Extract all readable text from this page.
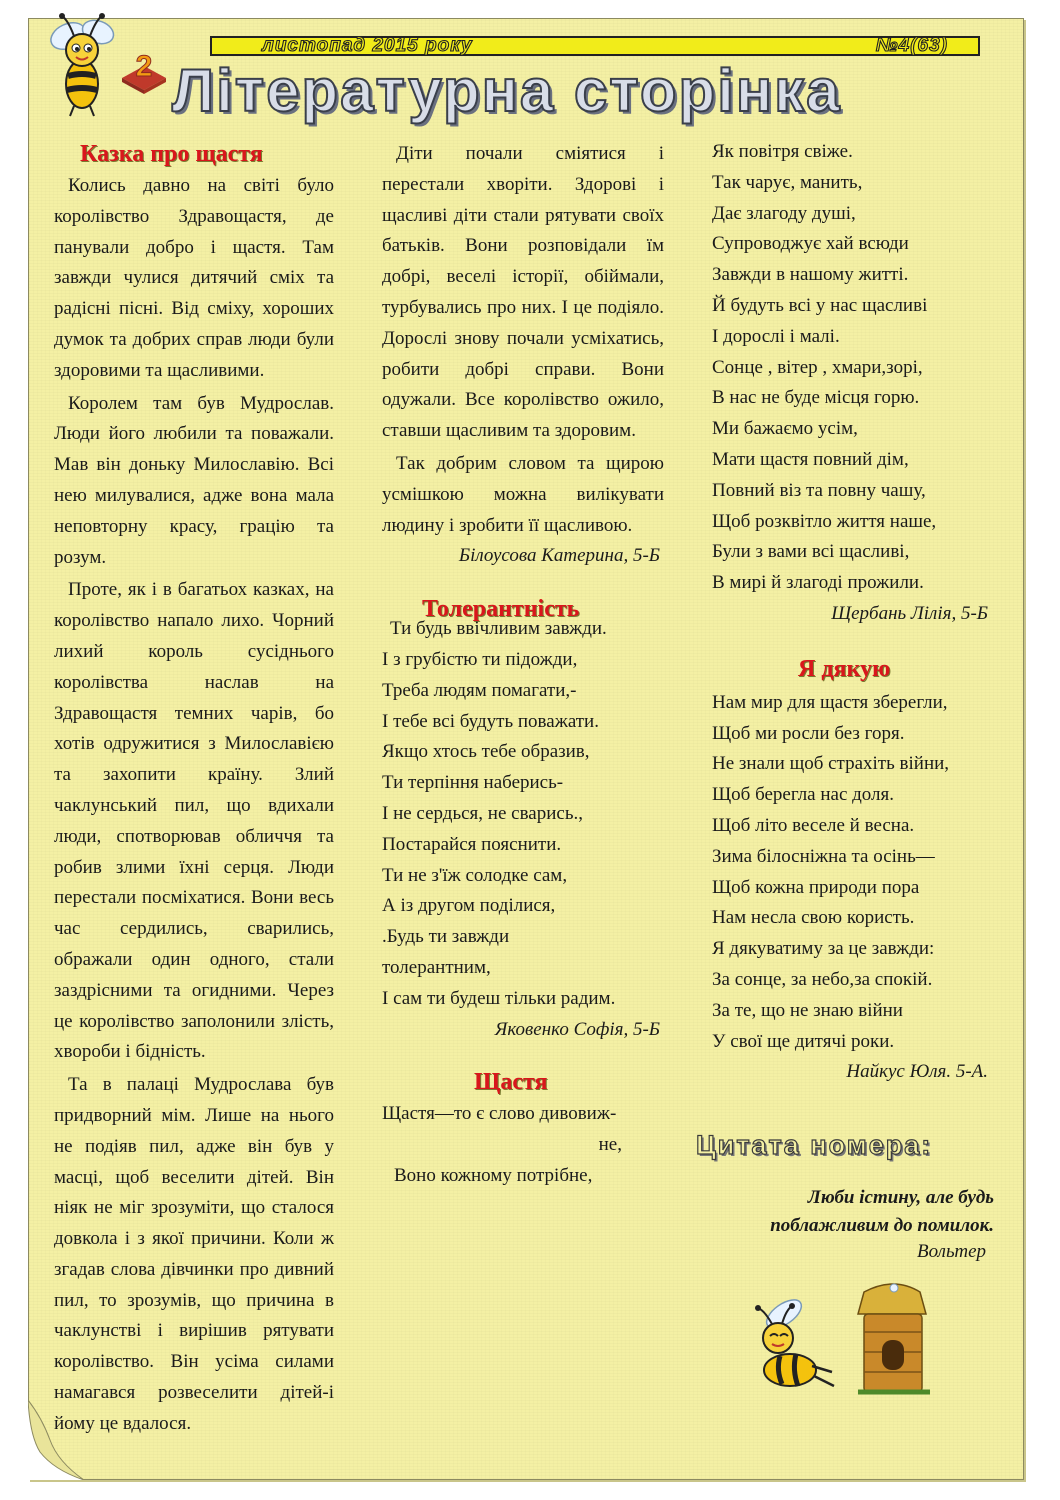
2
листопад 2015 року	№4(63)
Літературна сторінка
Казка про щастя

Колись давно на світі було королівство Здравощастя, де панували добро і щастя. Там завжди чулися дитячий сміх та радісні пісні. Від сміху, хороших думок та добрих справ люди були здоровими та щасливими.

Королем там був Мудрослав. Люди його любили та поважали. Мав він доньку Милославію. Всі нею милувалися, адже вона мала неповторну красу, грацію та розум.

Проте, як і в багатьох казках, на королівство напало лихо. Чорний лихий король сусіднього королівства наслав на Здравощастя темних чарів, бо хотів одружитися з Милославією та захопити країну. Злий чаклунський пил, що вдихали люди, спотворював обличчя та робив злими їхні серця. Люди перестали посміхатися. Вони весь час сердились, сварились, ображали один одного, стали заздрісними та огидними. Через це королівство заполонили злість, хвороби і бідність.

Та в палаці Мудрослава був придворний мім. Лише на нього не подіяв пил, адже він був у масці, щоб веселити дітей. Він ніяк не міг зрозуміти, що сталося довкола і з якої причини. Коли ж згадав слова дівчинки про дивний пил, то зрозумів, що причина в чаклунстві і вирішив рятувати королівство. Він усіма силами намагався розвеселити дітей-і йому це вдалося.

Діти почали сміятися і перестали хворіти. Здорові і щасливі діти стали рятувати своїх батьків. Вони розповідали їм добрі, веселі історії, обіймали, турбувались про них. І це подіяло. Дорослі знову почали усміхатись, робити добрі справи. Вони одужали. Все королівство ожило, ставши щасливим та здоровим.

Так добрим словом та щирою усмішкою можна вилікувати людину і зробити її щасливою.

Білоусова Катерина, 5-Б
Толерантність
Ти будь ввічливим завжди.
І з грубістю ти підожди,
Треба людям помагати,-
І тебе всі будуть поважати.
Якщо хтось тебе образив,
Ти терпіння наберись-
І не сердься, не сварись.,
Постарайся пояснити.
Ти не з'їж солодке сам,
А із другом поділися,
.Будь ти завжди
толерантним,
І сам ти будеш тільки радим.
Яковенко Софія, 5-Б
Щастя
Щастя—то є слово дивовиж-
не,
Воно кожному потрібне,
Як повітря свіже.
Так чарує, манить,
Дає злагоду душі,
Супроводжує хай всюди
Завжди в нашому житті.
Й будуть всі у нас щасливі
І дорослі і малі.
Сонце , вітер , хмари,зорі,
В нас не буде місця горю.
Ми бажаємо усім,
Мати щастя повний дім,
Повний віз та повну чашу,
Щоб розквітло життя наше,
Були з вами всі щасливі,
В мирі й злагоді прожили.
Щербань Лілія, 5-Б
Я дякую
Нам мир для щастя зберегли,
Щоб ми росли без горя.
Не знали щоб страхіть війни,
Щоб берегла нас доля.
Щоб літо веселе й весна.
Зима білосніжна та осінь—
Щоб кожна природи пора
Нам несла свою користь.
Я дякуватиму за це завжди:
За сонце, за небо,за спокій.
За те, що не знаю війни
У свої ще дитячі роки.
Найкус Юля. 5-А.
Цитата номера:
Люби істину, але будь поблажливим до помилок.
Вольтер
